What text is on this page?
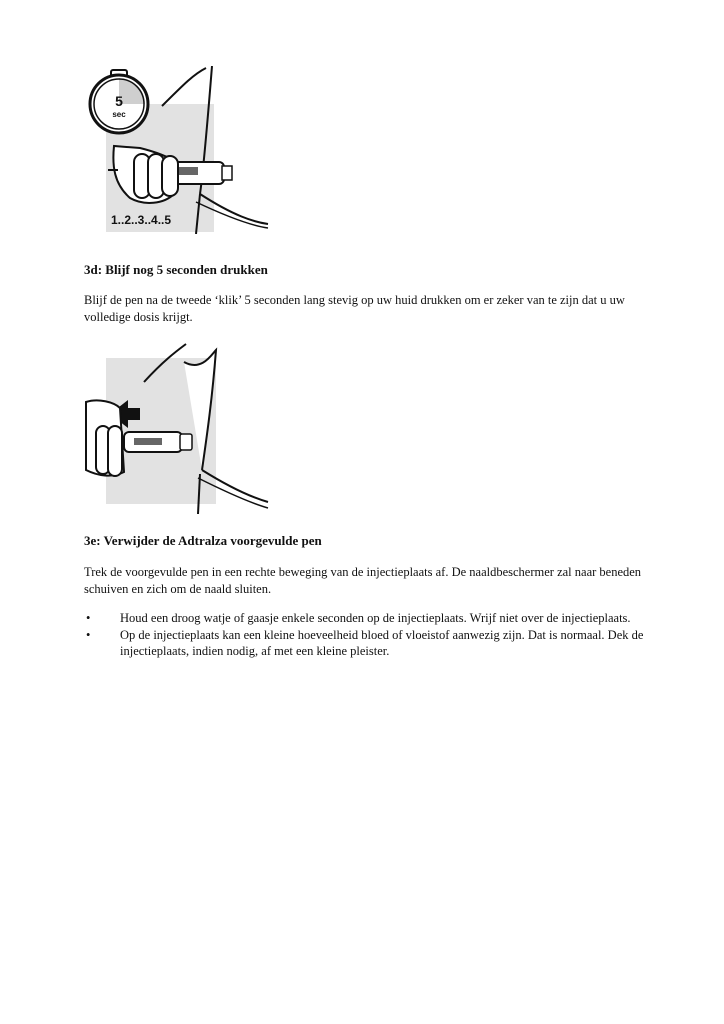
5
sec
1..2..3..4..5
3d: Blijf nog 5 seconden drukken

Blijf de pen na de tweede ‘klik’ 5 seconden lang stevig op uw huid drukken om er zeker van te zijn dat u uw volledige dosis krijgt.

3e: Verwijder de Adtralza voorgevulde pen

Trek de voorgevulde pen in een rechte beweging van de injectieplaats af. De naaldbeschermer zal naar beneden schuiven en zich om de naald sluiten.

• Houd een droog watje of gaasje enkele seconden op de injectieplaats. Wrijf niet over de injectieplaats.
• Op de injectieplaats kan een kleine hoeveelheid bloed of vloeistof aanwezig zijn. Dat is normaal. Dek de injectieplaats, indien nodig, af met een kleine pleister.
